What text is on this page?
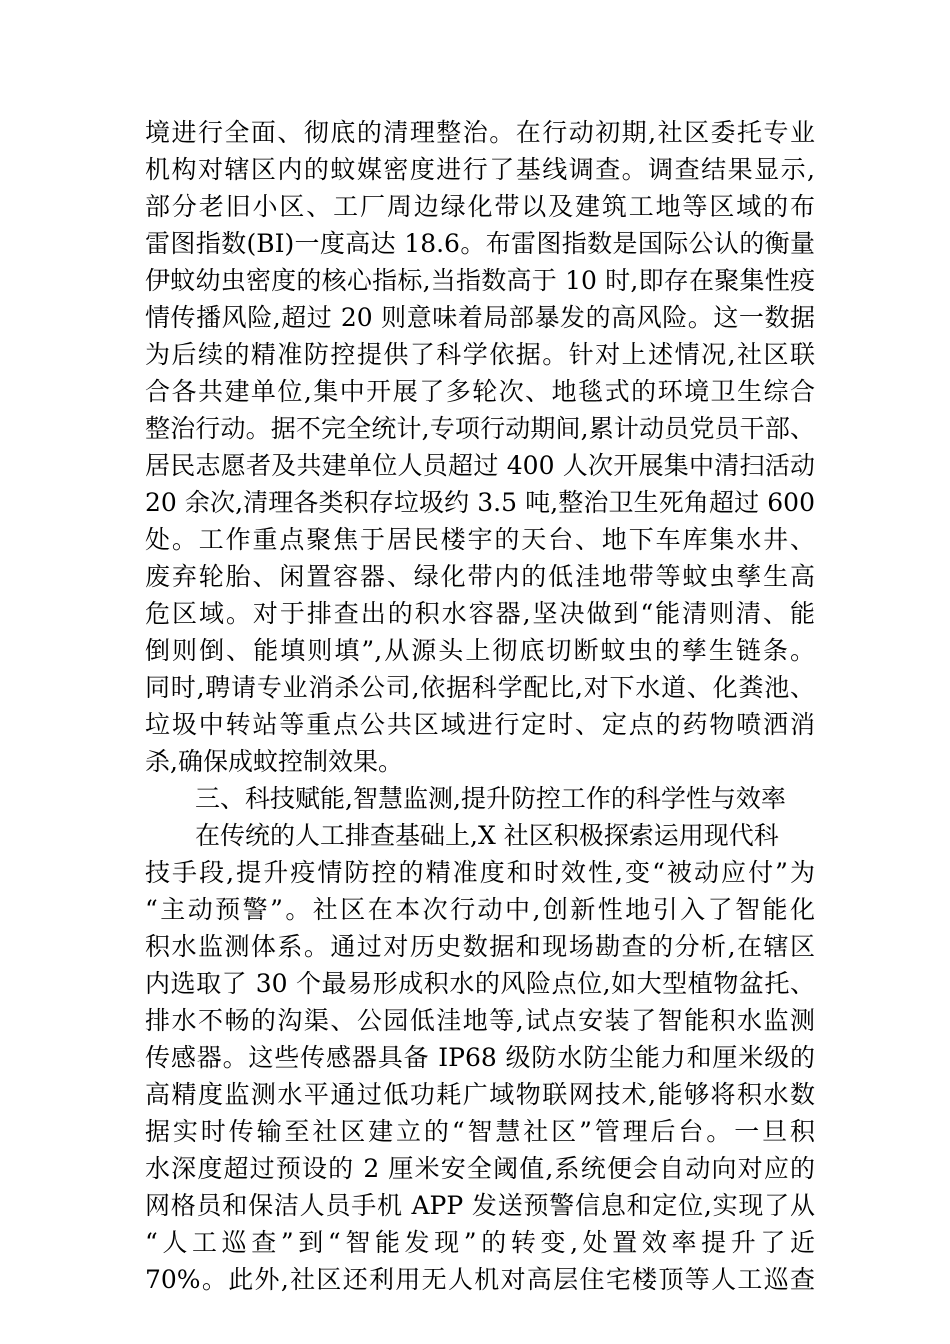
境进行全面、彻底的清理整治。在行动初期,社区委托专业
机构对辖区内的蚊媒密度进行了基线调查。调查结果显示,
部分老旧小区、工厂周边绿化带以及建筑工地等区域的布
雷图指数(BI)一度高达 18.6。布雷图指数是国际公认的衡量
伊蚊幼虫密度的核心指标,当指数高于 10 时,即存在聚集性疫
情传播风险,超过 20 则意味着局部暴发的高风险。这一数据
为后续的精准防控提供了科学依据。针对上述情况,社区联
合各共建单位,集中开展了多轮次、地毯式的环境卫生综合
整治行动。据不完全统计,专项行动期间,累计动员党员干部、
居民志愿者及共建单位人员超过 400 人次开展集中清扫活动
20 余次,清理各类积存垃圾约 3.5 吨,整治卫生死角超过 600
处。工作重点聚焦于居民楼宇的天台、地下车库集水井、
废弃轮胎、闲置容器、绿化带内的低洼地带等蚊虫孳生高
危区域。对于排查出的积水容器,坚决做到“能清则清、能
倒则倒、能填则填”,从源头上彻底切断蚊虫的孳生链条。
同时,聘请专业消杀公司,依据科学配比,对下水道、化粪池、
垃圾中转站等重点公共区域进行定时、定点的药物喷洒消
杀,确保成蚊控制效果。
三、科技赋能,智慧监测,提升防控工作的科学性与效率
在传统的人工排查基础上,X 社区积极探索运用现代科
技手段,提升疫情防控的精准度和时效性,变“被动应付”为
“主动预警”。社区在本次行动中,创新性地引入了智能化
积水监测体系。通过对历史数据和现场勘查的分析,在辖区
内选取了 30 个最易形成积水的风险点位,如大型植物盆托、
排水不畅的沟渠、公园低洼地等,试点安装了智能积水监测
传感器。这些传感器具备 IP68 级防水防尘能力和厘米级的
高精度监测水平通过低功耗广域物联网技术,能够将积水数
据实时传输至社区建立的“智慧社区”管理后台。一旦积
水深度超过预设的 2 厘米安全阈值,系统便会自动向对应的
网格员和保洁人员手机 APP 发送预警信息和定位,实现了从
“人工巡查”到“智能发现”的转变,处置效率提升了近
70%。此外,社区还利用无人机对高层住宅楼顶等人工巡查
